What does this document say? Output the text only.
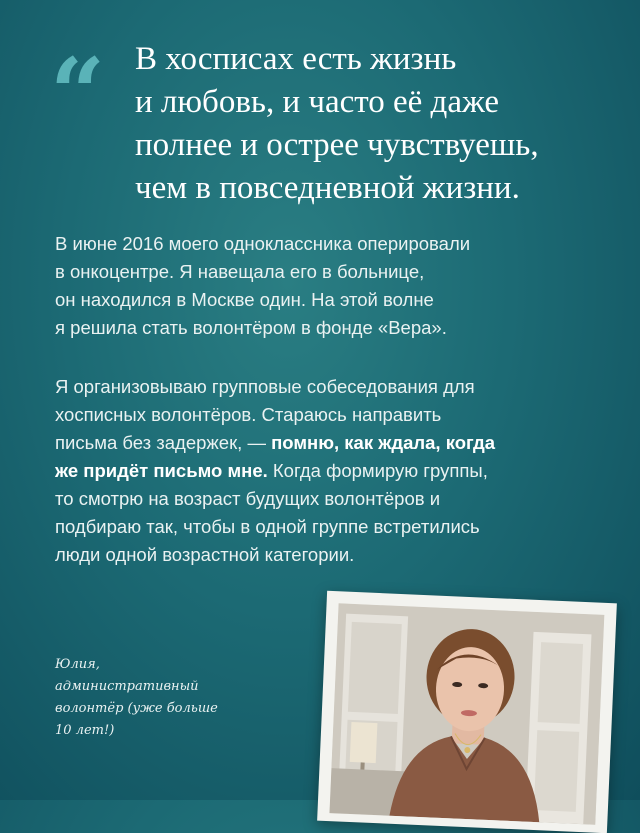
“ В хосписах есть жизнь
и любовь, и часто её даже
полнее и острее чувствуешь,
чем в повседневной жизни.

В июне 2016 моего одноклассника оперировали
в онкоцентре. Я навещала его в больнице,
он находился в Москве один. На этой волне
я решила стать волонтёром в фонде «Вера».

Я организовываю групповые собеседования для
хосписных волонтёров. Стараюсь направить
письма без задержек, — помню, как ждала, когда
же придёт письмо мне. Когда формирую группы,
то смотрю на возраст будущих волонтёров и
подбираю так, чтобы в одной группе встретились
люди одной возрастной категории.

Юлия,
административный
волонтёр (уже больше
10 лет!)
